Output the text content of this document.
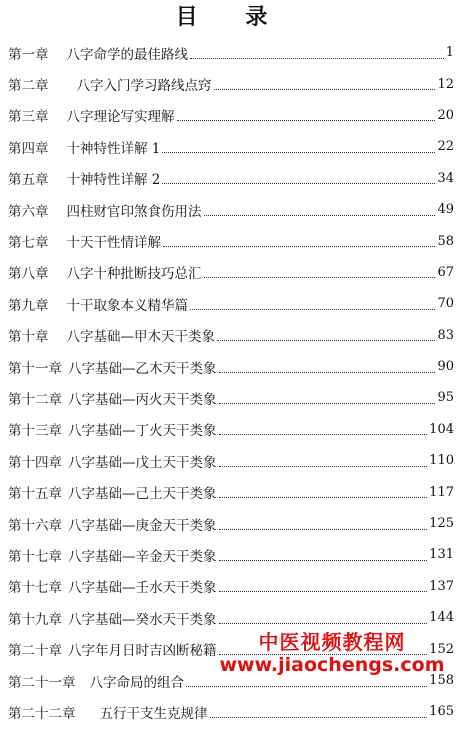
目 录
第一章 八字命学的最佳路线	1
第二章 八字入门学习路线点窍	12
第三章 八字理论写实理解	20
第四章 十神特性详解 1	22
第五章 十神特性详解 2	34
第六章 四柱财官印煞食伤用法	49
第七章 十天干性情详解	58
第八章 八字十种批断技巧总汇	67
第九章 十干取象本义精华篇	70
第十章 八字基础—甲木天干类象	83
第十一章 八字基础—乙木天干类象	90
第十二章 八字基础—丙火天干类象	95
第十三章 八字基础—丁火天干类象	104
第十四章 八字基础—戊土天干类象	110
第十五章 八字基础—己土天干类象	117
第十六章 八字基础—庚金天干类象	125
第十七章 八字基础—辛金天干类象	131
第十七章 八字基础—壬水天干类象	137
第十九章 八字基础—癸水天干类象	144
第二十章 八字年月日时吉凶断秘籍	152
第二十一章 八字命局的组合	158
第二十二章 五行干支生克规律	165
中医视频教程网
www.jiaochengs.com
